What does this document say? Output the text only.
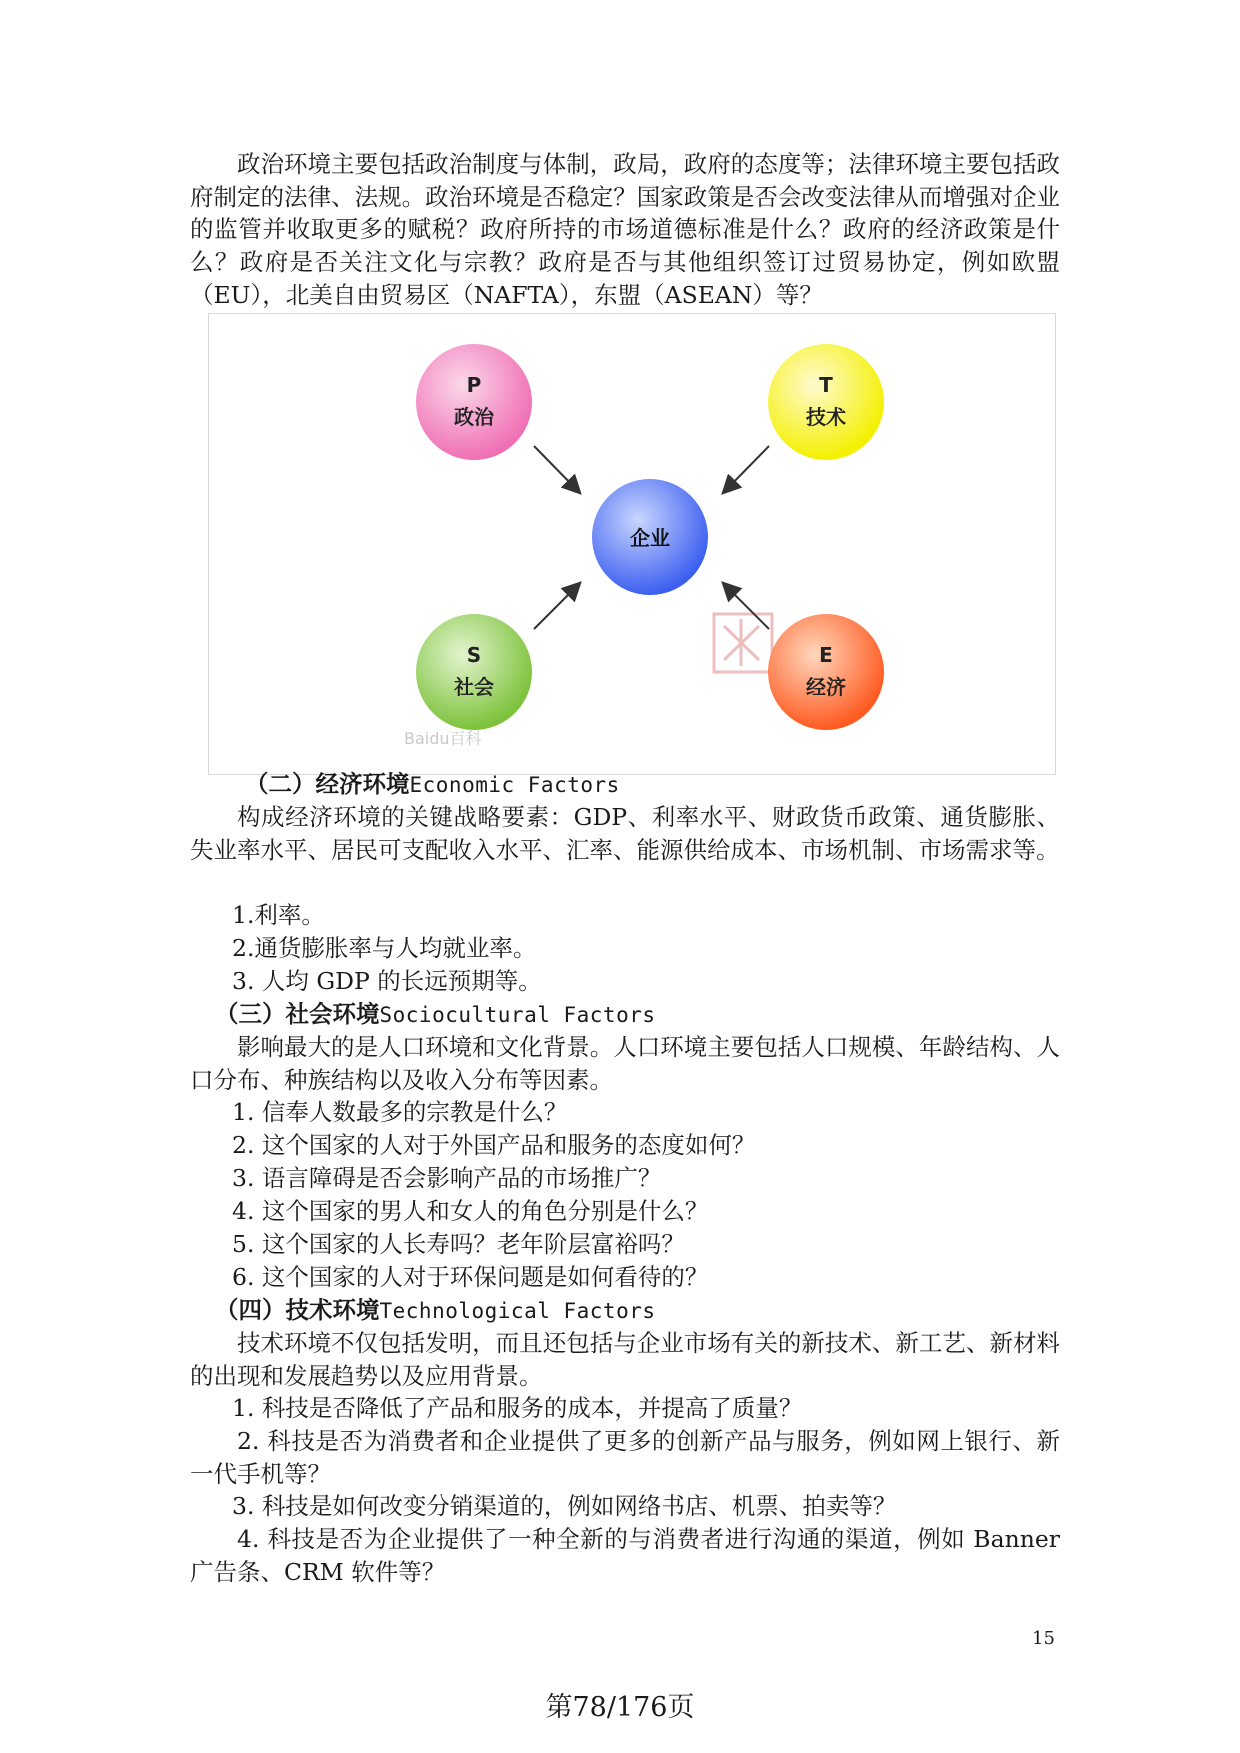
政治环境主要包括政治制度与体制，政局，政府的态度等；法律环境主要包括政府制定的法律、法规。政治环境是否稳定？国家政策是否会改变法律从而增强对企业的监管并收取更多的赋税？政府所持的市场道德标准是什么？政府的经济政策是什么？政府是否关注文化与宗教？政府是否与其他组织签订过贸易协定，例如欧盟（EU），北美自由贸易区（NAFTA），东盟（ASEAN）等？

Baidu百科
P
政治
T
技术
企业
S
社会
E
经济
（二）经济环境Economic Factors

构成经济环境的关键战略要素：GDP、利率水平、财政货币政策、通货膨胀、失业率水平、居民可支配收入水平、汇率、能源供给成本、市场机制、市场需求等。

1.利率。
2.通货膨胀率与人均就业率。
3. 人均 GDP 的长远预期等。
（三）社会环境Sociocultural Factors

影响最大的是人口环境和文化背景。人口环境主要包括人口规模、年龄结构、人口分布、种族结构以及收入分布等因素。

1. 信奉人数最多的宗教是什么？
2. 这个国家的人对于外国产品和服务的态度如何？
3. 语言障碍是否会影响产品的市场推广？
4. 这个国家的男人和女人的角色分别是什么？
5. 这个国家的人长寿吗？老年阶层富裕吗？
6. 这个国家的人对于环保问题是如何看待的？
（四）技术环境Technological Factors

技术环境不仅包括发明，而且还包括与企业市场有关的新技术、新工艺、新材料的出现和发展趋势以及应用背景。

1. 科技是否降低了产品和服务的成本，并提高了质量？

2. 科技是否为消费者和企业提供了更多的创新产品与服务，例如网上银行、新一代手机等？

3. 科技是如何改变分销渠道的，例如网络书店、机票、拍卖等？

4. 科技是否为企业提供了一种全新的与消费者进行沟通的渠道，例如 Banner 广告条、CRM 软件等？

15
第78/176页
